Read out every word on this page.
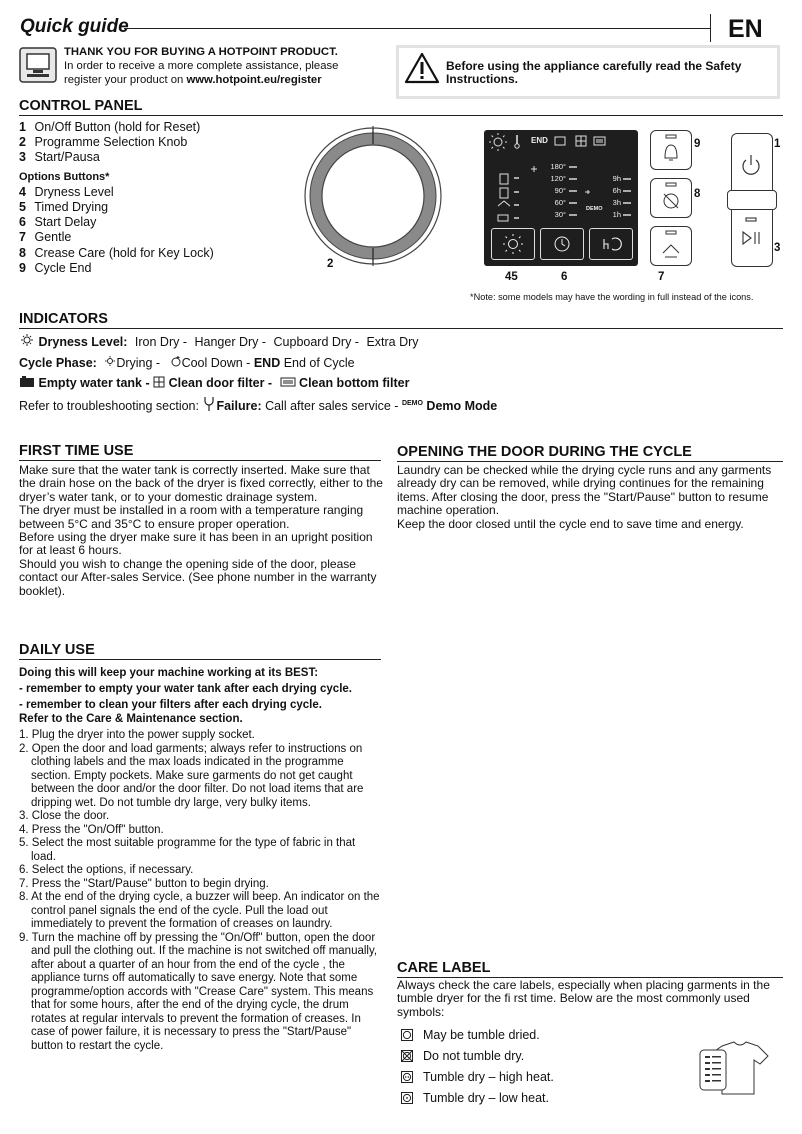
Quick guide	EN
THANK YOU FOR BUYING A HOTPOINT PRODUCT.
In order to receive a more complete assistance, please
register your product on www.hotpoint.eu/register
Before using the appliance carefully read the Safety Instructions.
CONTROL PANEL
1 On/Off Button (hold for Reset)
2 Programme Selection Knob
3 Start/Pausa
Options Buttons*
4 Dryness Level
5 Timed Drying
6 Start Delay
7 Gentle
8 Crease Care (hold for Key Lock)
9 Cycle End	2
END
180°
120°
90°
60°
30°
9h
6h
3h
1h
DEMO
45	6	7
9
8
1
3
*Note: some models may have the wording in full instead of the icons.
INDICATORS
Dryness Level: Iron Dry - Hanger Dry - Cupboard Dry - Extra Dry
Cycle Phase: Drying - Cool Down - END End of Cycle
Empty water tank - Clean door filter - Clean bottom filter
Refer to troubleshooting section: Failure: Call after sales service - $^{DEMO}$ Demo Mode
FIRST TIME USE
Make sure that the water tank is correctly inserted. Make sure that the drain hose on the back of the dryer is fixed correctly, either to the dryer’s water tank, or to your domestic drainage system.
The dryer must be installed in a room with a temperature ranging between 5°C and 35°C to ensure proper operation.
Before using the dryer make sure it has been in an upright position for at least 6 hours.
Should you wish to change the opening side of the door, please contact our After-sales Service. (See phone number in the warranty booklet).
OPENING THE DOOR DURING THE CYCLE
Laundry can be checked while the drying cycle runs and any garments already dry can be removed, while drying continues for the remaining items. After closing the door, press the "Start/Pause" button to resume machine operation.
Keep the door closed until the cycle end to save time and energy.
DAILY USE
Doing this will keep your machine working at its BEST:
- remember to empty your water tank after each drying cycle.
- remember to clean your filters after each drying cycle.
Refer to the Care & Maintenance section.
1. Plug the dryer into the power supply socket.
2. Open the door and load garments; always refer to instructions on clothing labels and the max loads indicated in the programme section. Empty pockets. Make sure garments do not get caught between the door and/or the door filter. Do not load items that are dripping wet. Do not tumble dry large, very bulky items.
3. Close the door.
4. Press the "On/Off" button.
5. Select the most suitable programme for the type of fabric in that load.
6. Select the options, if necessary.
7. Press the "Start/Pause" button to begin drying.
8. At the end of the drying cycle, a buzzer will beep. An indicator on the control panel signals the end of the cycle. Pull the load out immediately to prevent the formation of creases on laundry.
9. Turn the machine off by pressing the "On/Off" button, open the door and pull the clothing out. If the machine is not switched off manually, after about a quarter of an hour from the end of the cycle , the appliance turns off automatically to save energy. Note that some programme/option accords with "Crease Care" system. This means that for some hours, after the end of the drying cycle, the drum rotates at regular intervals to prevent the formation of creases. In case of power failure, it is necessary to press the "Start/Pause" button to restart the cycle.
CARE LABEL
Always check the care labels, especially when placing garments in the tumble dryer for the fi rst time. Below are the most commonly used symbols:
May be tumble dried.
Do not tumble dry.
Tumble dry – high heat.
Tumble dry – low heat.
